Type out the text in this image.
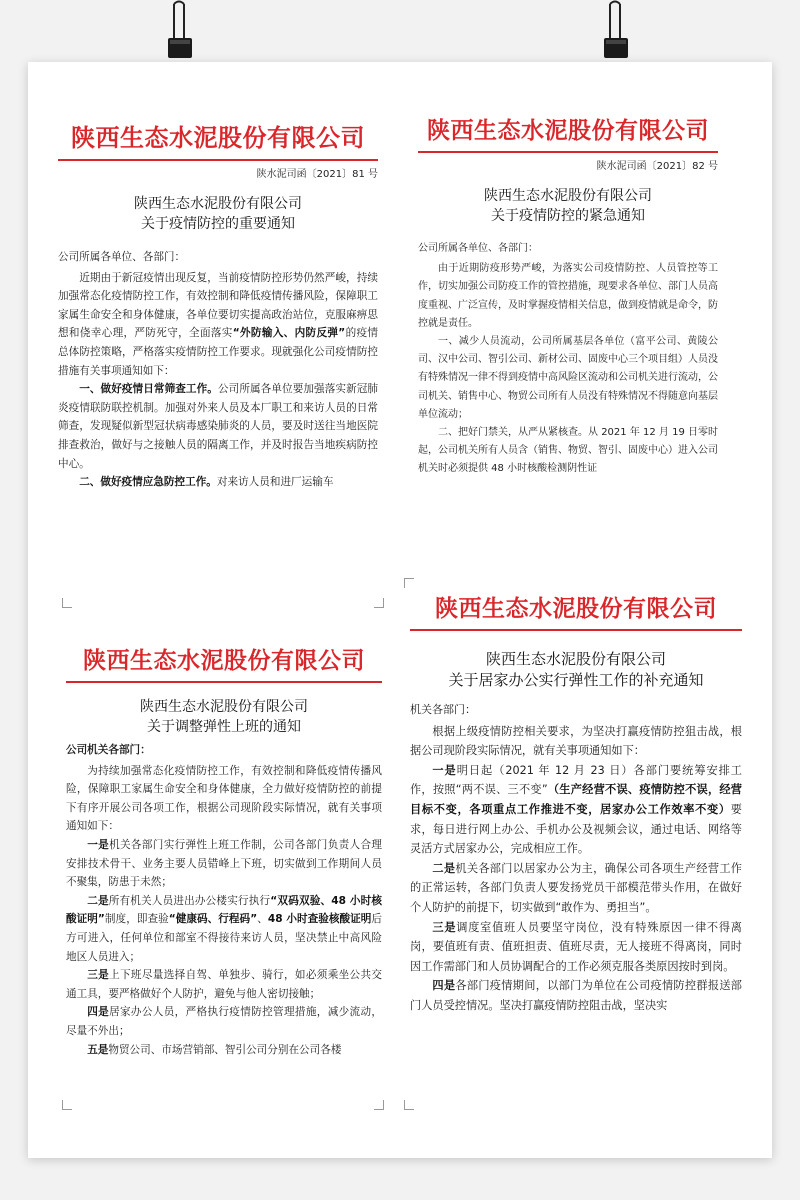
陕西生态水泥股份有限公司
陕水泥司函〔2021〕81 号
陕西生态水泥股份有限公司
关于疫情防控的重要通知
公司所属各单位、各部门：

近期由于新冠疫情出现反复，当前疫情防控形势仍然严峻，持续加强常态化疫情防控工作，有效控制和降低疫情传播风险，保障职工家属生命安全和身体健康，各单位要切实提高政治站位，克服麻痹思想和侥幸心理，严防死守，全面落实“外防输入、内防反弹”的疫情总体防控策略，严格落实疫情防控工作要求。现就强化公司疫情防控措施有关事项通知如下：

一、做好疫情日常筛查工作。公司所属各单位要加强落实新冠肺炎疫情联防联控机制。加强对外来人员及本厂职工和来访人员的日常筛查，发现疑似新型冠状病毒感染肺炎的人员，要及时送往当地医院排查救治，做好与之接触人员的隔离工作，并及时报告当地疾病防控中心。

二、做好疫情应急防控工作。对来访人员和进厂运输车

陕西生态水泥股份有限公司
陕水泥司函〔2021〕82 号
陕西生态水泥股份有限公司
关于疫情防控的紧急通知
公司所属各单位、各部门：

由于近期防疫形势严峻，为落实公司疫情防控、人员管控等工作，切实加强公司防疫工作的管控措施，现要求各单位、部门人员高度重视、广泛宣传，及时掌握疫情相关信息，做到疫情就是命令，防控就是责任。

一、减少人员流动，公司所属基层各单位（富平公司、黄陵公司、汉中公司、智引公司、新材公司、固废中心三个项目组）人员没有特殊情况一律不得到疫情中高风险区流动和公司机关进行流动，公司机关、销售中心、物贸公司所有人员没有特殊情况不得随意向基层单位流动；

二、把好门禁关，从严从紧核查。从 2021 年 12 月 19 日零时起，公司机关所有人员含（销售、物贸、智引、固废中心）进入公司机关时必须提供 48 小时核酸检测阴性证

陕西生态水泥股份有限公司
陕西生态水泥股份有限公司
关于调整弹性上班的通知
公司机关各部门：

为持续加强常态化疫情防控工作，有效控制和降低疫情传播风险，保障职工家属生命安全和身体健康，全力做好疫情防控的前提下有序开展公司各项工作，根据公司现阶段实际情况，就有关事项通知如下：

一是机关各部门实行弹性上班工作制，公司各部门负责人合理安排技术骨干、业务主要人员错峰上下班，切实做到工作期间人员不聚集，防患于未然；

二是所有机关人员进出办公楼实行执行“双码双验、48 小时核酸证明”制度，即查验“健康码、行程码”、48 小时查验核酸证明后方可进入，任何单位和部室不得接待来访人员，坚决禁止中高风险地区人员进入；

三是上下班尽量选择自驾、单独步、骑行，如必须乘坐公共交通工具，要严格做好个人防护，避免与他人密切接触；

四是居家办公人员，严格执行疫情防控管理措施，减少流动，尽量不外出；

五是物贸公司、市场营销部、智引公司分别在公司各楼

陕西生态水泥股份有限公司
陕西生态水泥股份有限公司
关于居家办公实行弹性工作的补充通知
机关各部门：

根据上级疫情防控相关要求，为坚决打赢疫情防控狙击战，根据公司现阶段实际情况，就有关事项通知如下：

一是明日起（2021 年 12 月 23 日）各部门要统筹安排工作，按照“两不误、三不变”（生产经营不误、疫情防控不误，经营目标不变，各项重点工作推进不变，居家办公工作效率不变）要求，每日进行网上办公、手机办公及视频会议，通过电话、网络等灵活方式居家办公，完成相应工作。

二是机关各部门以居家办公为主，确保公司各项生产经营工作的正常运转，各部门负责人要发扬党员干部模范带头作用，在做好个人防护的前提下，切实做到“敢作为、勇担当”。

三是调度室值班人员要坚守岗位，没有特殊原因一律不得离岗，要值班有责、值班担责、值班尽责，无人接班不得离岗，同时因工作需部门和人员协调配合的工作必须克服各类原因按时到岗。

四是各部门疫情期间，以部门为单位在公司疫情防控群报送部门人员受控情况。坚决打赢疫情防控阻击战，坚决实
